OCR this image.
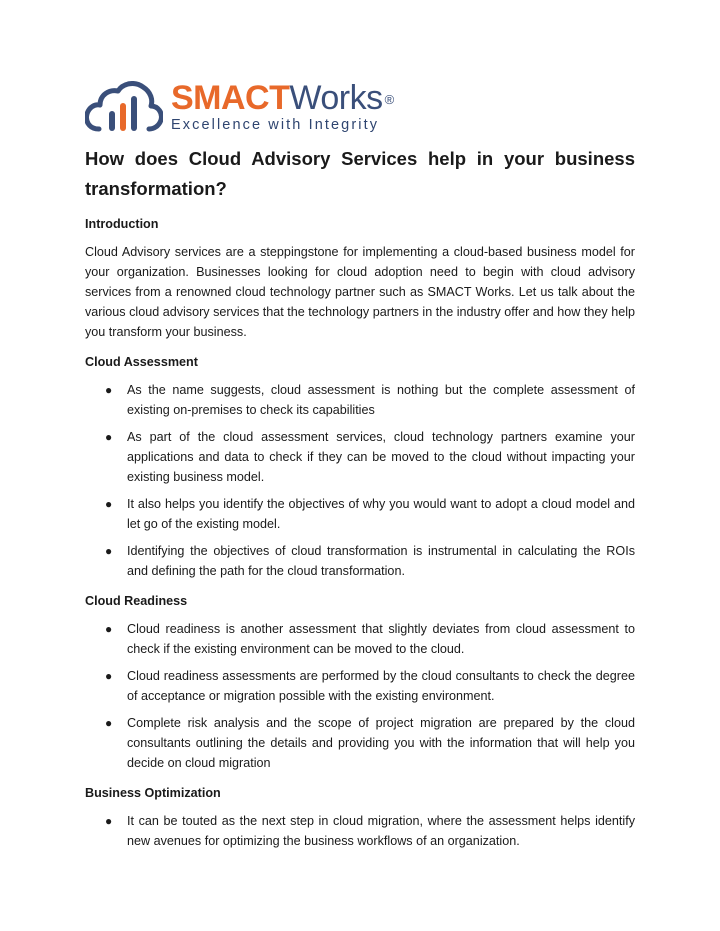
SMACTWorks ®
Excellence with Integrity
How does Cloud Advisory Services help in your business transformation?
Introduction

Cloud Advisory services are a steppingstone for implementing a cloud-based business model for your organization. Businesses looking for cloud adoption need to begin with cloud advisory services from a renowned cloud technology partner such as SMACT Works. Let us talk about the various cloud advisory services that the technology partners in the industry offer and how they help you transform your business.

Cloud Assessment
● As the name suggests, cloud assessment is nothing but the complete assessment of existing on-premises to check its capabilities
● As part of the cloud assessment services, cloud technology partners examine your applications and data to check if they can be moved to the cloud without impacting your existing business model.
● It also helps you identify the objectives of why you would want to adopt a cloud model and let go of the existing model.
● Identifying the objectives of cloud transformation is instrumental in calculating the ROIs and defining the path for the cloud transformation.
Cloud Readiness
● Cloud readiness is another assessment that slightly deviates from cloud assessment to check if the existing environment can be moved to the cloud.
● Cloud readiness assessments are performed by the cloud consultants to check the degree of acceptance or migration possible with the existing environment.
● Complete risk analysis and the scope of project migration are prepared by the cloud consultants outlining the details and providing you with the information that will help you decide on cloud migration
Business Optimization
● It can be touted as the next step in cloud migration, where the assessment helps identify new avenues for optimizing the business workflows of an organization.
